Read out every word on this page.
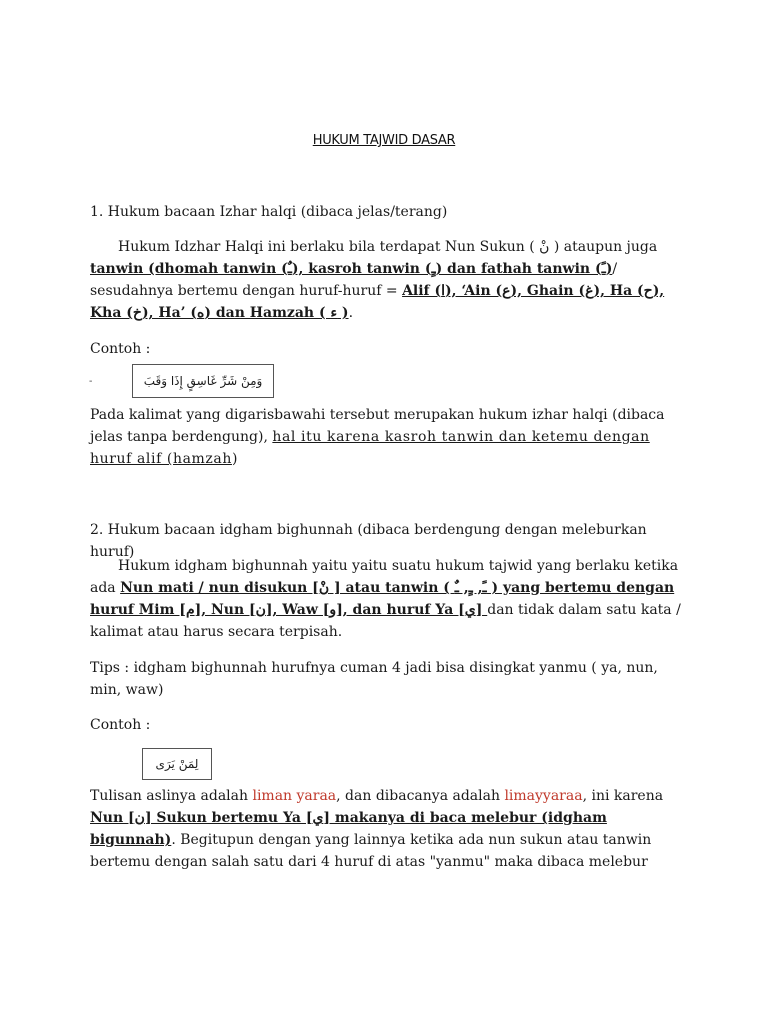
HUKUM TAJWID DASAR
1. Hukum bacaan Izhar halqi (dibaca jelas/terang)
Hukum Idzhar Halqi ini berlaku bila terdapat Nun Sukun ( نْ ) ataupun juga tanwin (dhomah tanwin (ـٌ), kasroh tanwin (ـٍ) dan fathah tanwin (ـً)/ sesudahnya bertemu dengan huruf-huruf = Alif (ا), ‘Ain (ع), Ghain (غ), Ha (ح), Kha (خ), Ha’ (ه) dan Hamzah ( ء ).
Contoh :
-	وَمِنْ شَرِّ غَاسِقٍ إِذَا وَقَبَ
Pada kalimat yang digarisbawahi tersebut merupakan hukum izhar halqi (dibaca jelas tanpa berdengung), hal itu karena kasroh tanwin dan ketemu dengan huruf alif (hamzah)
2. Hukum bacaan idgham bighunnah (dibaca berdengung dengan meleburkan huruf)
Hukum idgham bighunnah yaitu yaitu suatu hukum tajwid yang berlaku ketika ada Nun mati / nun disukun [نْ ] atau tanwin ( ـً, ـٍ, ـٌ ) yang bertemu dengan huruf Mim [م], Nun [ن], Waw [و], dan huruf Ya [ي] dan tidak dalam satu kata / kalimat atau harus secara terpisah.
Tips : idgham bighunnah hurufnya cuman 4 jadi bisa disingkat yanmu ( ya, nun, min, waw)
Contoh :
لِمَنْ يَرَى
Tulisan aslinya adalah liman yaraa, dan dibacanya adalah limayyaraa, ini karena Nun [ن] Sukun bertemu Ya [ي] makanya di baca melebur (idgham bigunnah). Begitupun dengan yang lainnya ketika ada nun sukun atau tanwin bertemu dengan salah satu dari 4 huruf di atas "yanmu" maka dibaca melebur
